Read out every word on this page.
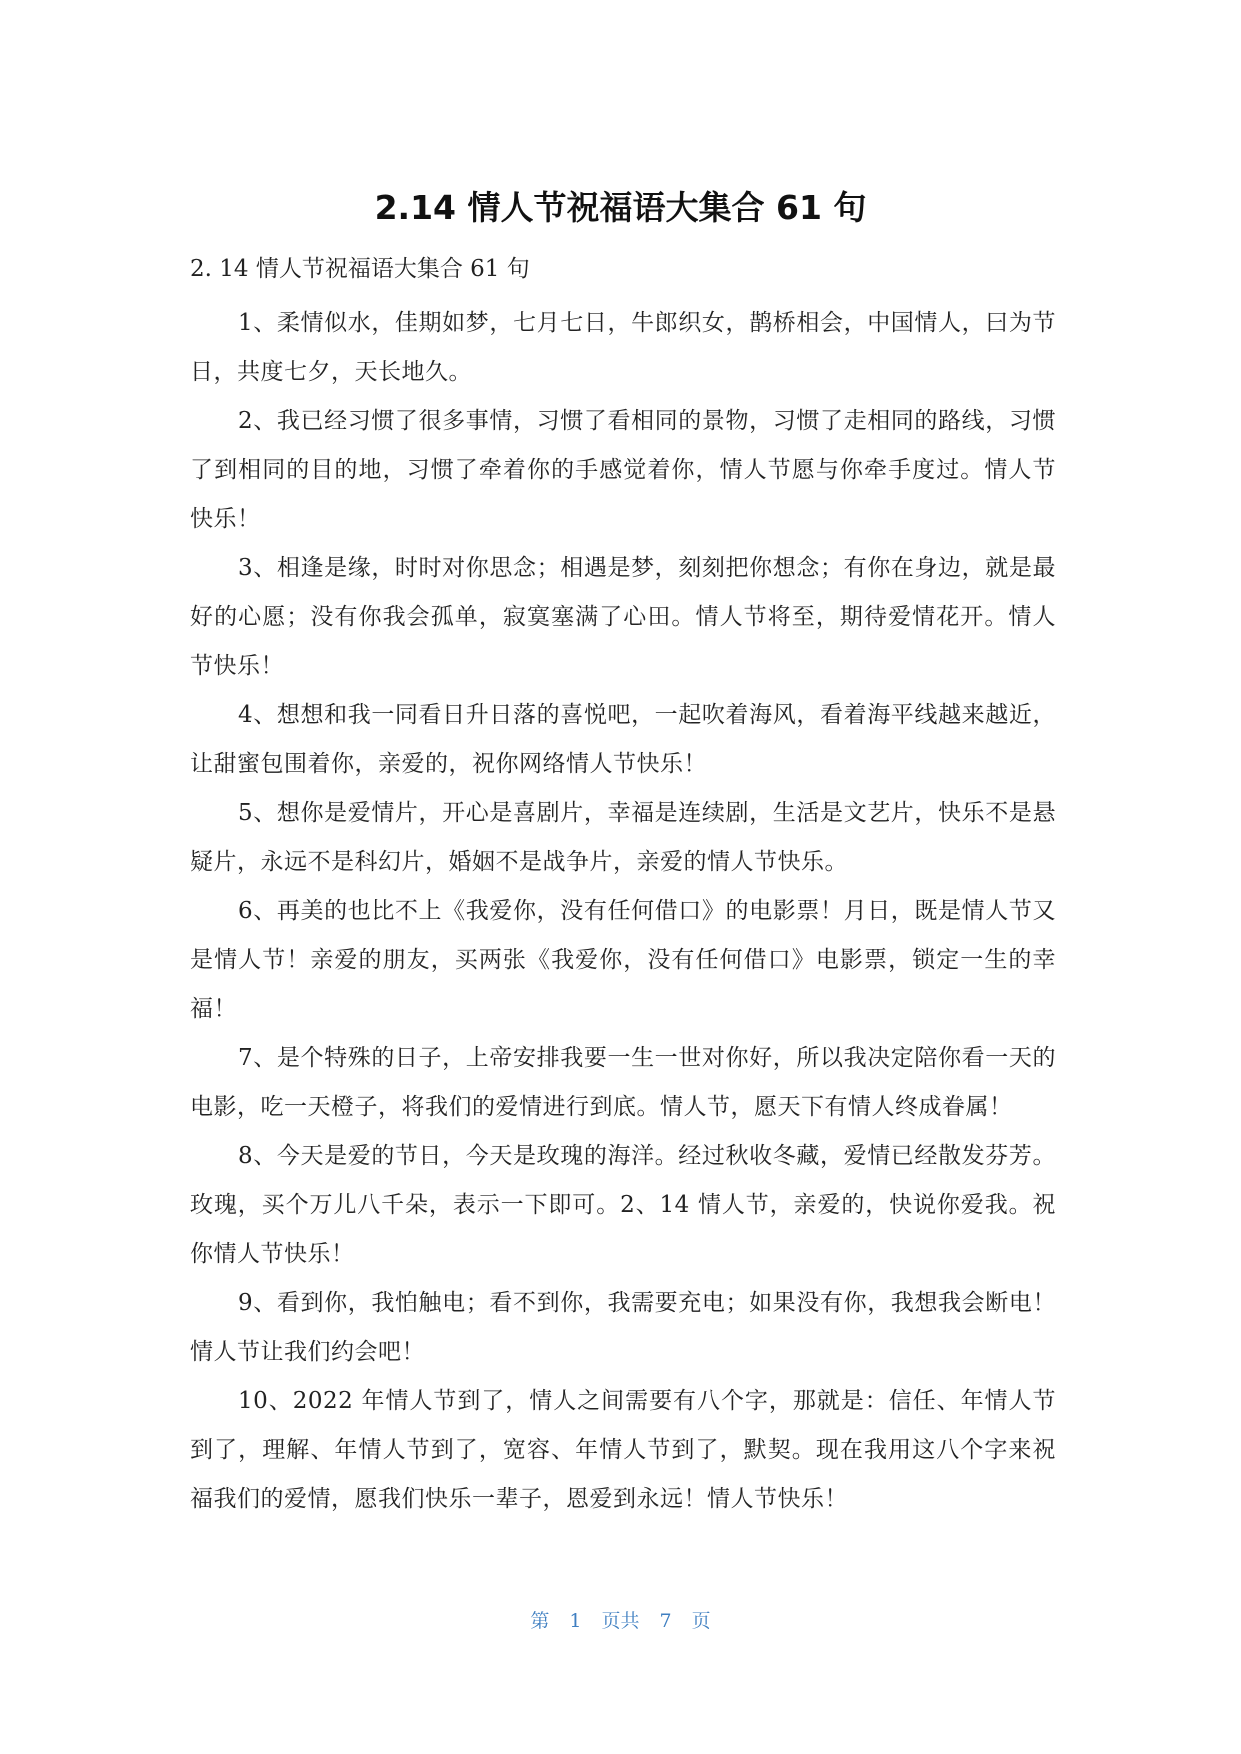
2.14 情人节祝福语大集合 61 句

2. 14 情人节祝福语大集合 61 句

1、柔情似水，佳期如梦，七月七日，牛郎织女，鹊桥相会，中国情人，曰为节日，共度七夕，天长地久。

2、我已经习惯了很多事情，习惯了看相同的景物，习惯了走相同的路线，习惯了到相同的目的地，习惯了牵着你的手感觉着你，情人节愿与你牵手度过。情人节快乐！

3、相逢是缘，时时对你思念；相遇是梦，刻刻把你想念；有你在身边，就是最好的心愿；没有你我会孤单，寂寞塞满了心田。情人节将至，期待爱情花开。情人节快乐！

4、想想和我一同看日升日落的喜悦吧，一起吹着海风，看着海平线越来越近，让甜蜜包围着你，亲爱的，祝你网络情人节快乐！

5、想你是爱情片，开心是喜剧片，幸福是连续剧，生活是文艺片，快乐不是悬疑片，永远不是科幻片，婚姻不是战争片，亲爱的情人节快乐。

6、再美的也比不上《我爱你，没有任何借口》的电影票！月日，既是情人节又是情人节！亲爱的朋友，买两张《我爱你，没有任何借口》电影票，锁定一生的幸福！

7、是个特殊的日子，上帝安排我要一生一世对你好，所以我决定陪你看一天的电影，吃一天橙子，将我们的爱情进行到底。情人节，愿天下有情人终成眷属！

8、今天是爱的节日，今天是玫瑰的海洋。经过秋收冬藏，爱情已经散发芬芳。玫瑰，买个万儿八千朵，表示一下即可。2、14 情人节，亲爱的，快说你爱我。祝你情人节快乐！

9、看到你，我怕触电；看不到你，我需要充电；如果没有你，我想我会断电！情人节让我们约会吧！

10、2022 年情人节到了，情人之间需要有八个字，那就是：信任、年情人节到了，理解、年情人节到了，宽容、年情人节到了，默契。现在我用这八个字来祝福我们的爱情，愿我们快乐一辈子，恩爱到永远！情人节快乐！

第 1 页共 7 页
